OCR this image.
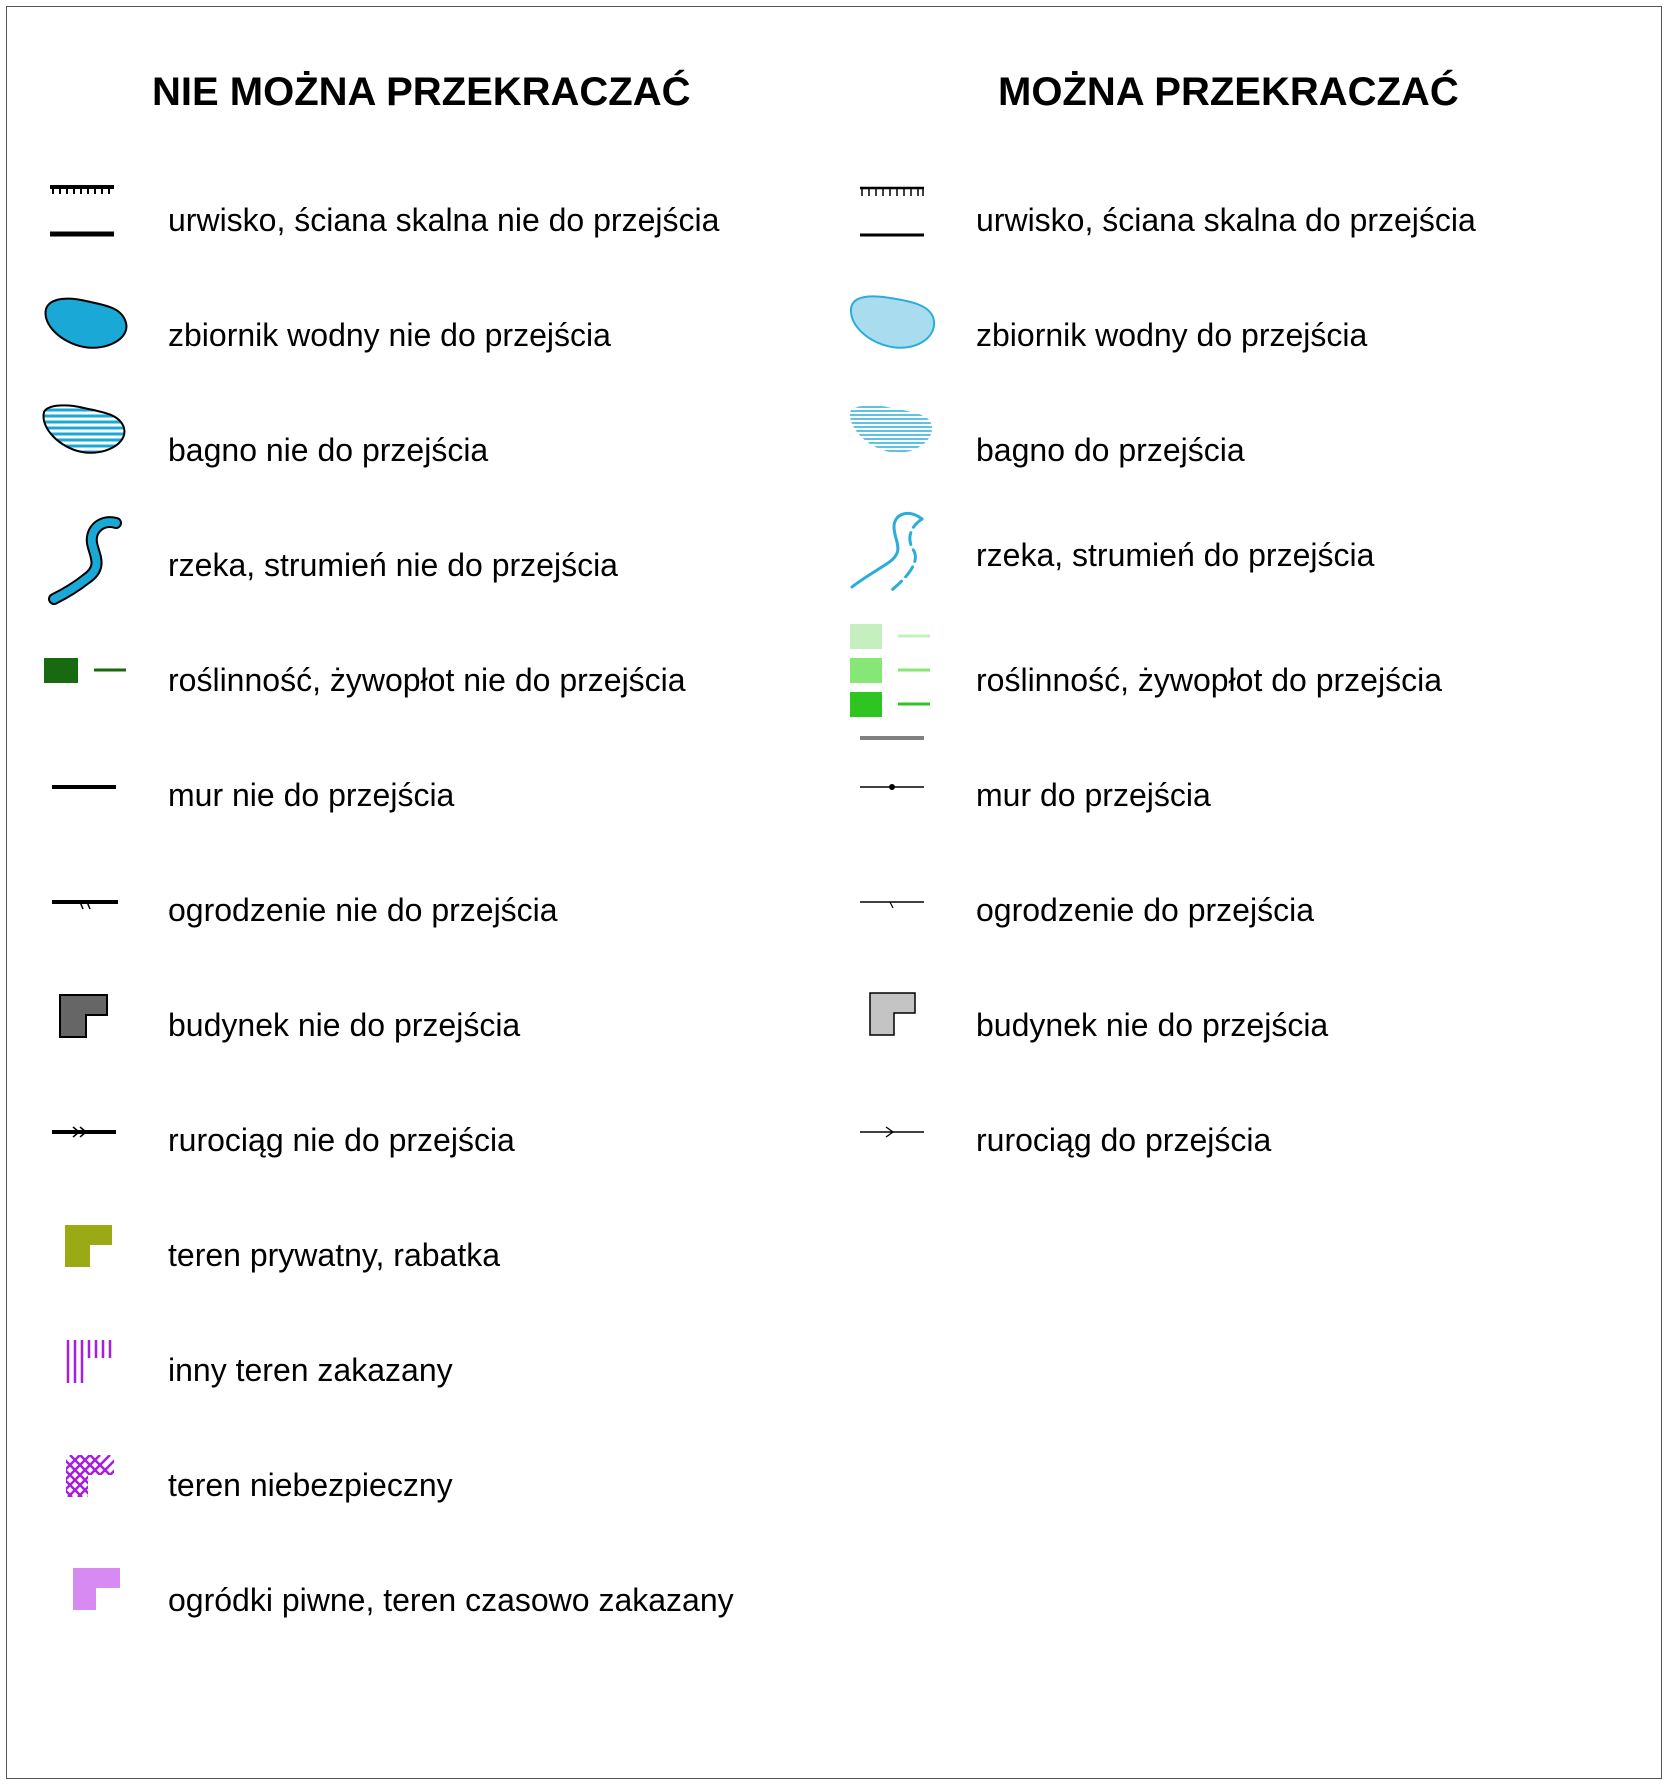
NIE MOŻNA PRZEKRACZAĆ	MOŻNA PRZEKRACZAĆ
urwisko, ściana skalna nie do przejścia
zbiornik wodny nie do przejścia
bagno nie do przejścia
rzeka, strumień nie do przejścia
roślinność, żywopłot nie do przejścia
mur nie do przejścia
ogrodzenie nie do przejścia
budynek nie do przejścia
rurociąg nie do przejścia
teren prywatny, rabatka
inny teren zakazany
teren niebezpieczny
ogródki piwne, teren czasowo zakazany
urwisko, ściana skalna do przejścia
zbiornik wodny do przejścia
bagno do przejścia
rzeka, strumień do przejścia
roślinność, żywopłot do przejścia
mur do przejścia
ogrodzenie do przejścia
budynek nie do przejścia
rurociąg do przejścia
